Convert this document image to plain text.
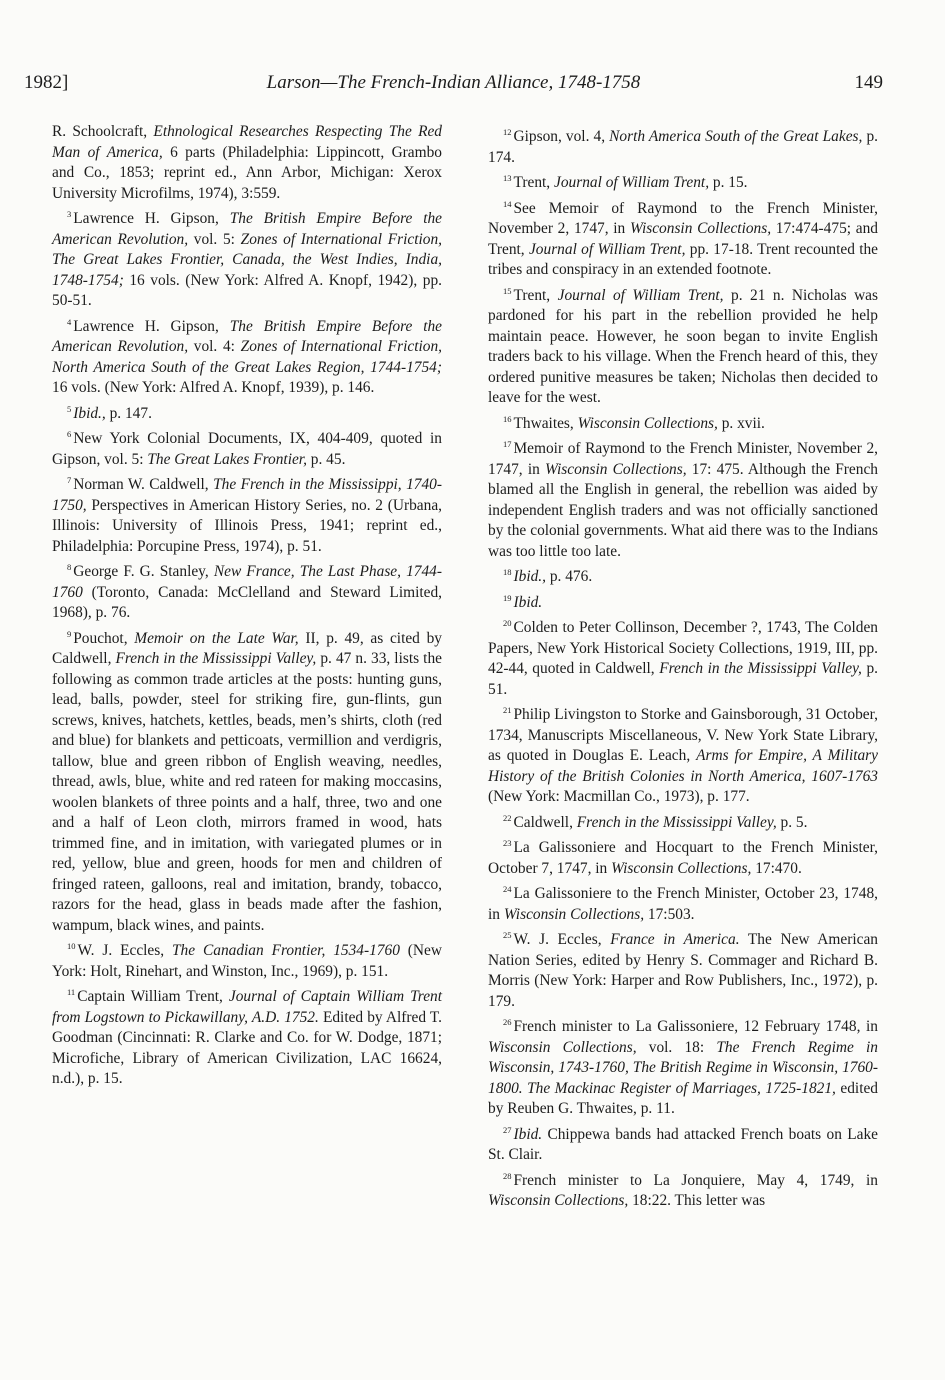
1982]	Larson—The French-Indian Alliance, 1748-1758	149

R. Schoolcraft, Ethnological Researches Respecting The Red Man of America, 6 parts (Philadelphia: Lippincott, Grambo and Co., 1853; reprint ed., Ann Arbor, Michigan: Xerox University Microfilms, 1974), 3:559.

$^3$ Lawrence H. Gipson, The British Empire Before the American Revolution, vol. 5: Zones of International Friction, The Great Lakes Frontier, Canada, the West Indies, India, 1748-1754; 16 vols. (New York: Alfred A. Knopf, 1942), pp. 50-51.

$^4$ Lawrence H. Gipson, The British Empire Before the American Revolution, vol. 4: Zones of International Friction, North America South of the Great Lakes Region, 1744-1754; 16 vols. (New York: Alfred A. Knopf, 1939), p. 146.

$^5$ Ibid., p. 147.

$^6$ New York Colonial Documents, IX, 404-409, quoted in Gipson, vol. 5: The Great Lakes Frontier, p. 45.

$^7$ Norman W. Caldwell, The French in the Mississippi, 1740-1750, Perspectives in American History Series, no. 2 (Urbana, Illinois: University of Illinois Press, 1941; reprint ed., Philadelphia: Porcupine Press, 1974), p. 51.

$^8$ George F. G. Stanley, New France, The Last Phase, 1744-1760 (Toronto, Canada: McClelland and Steward Limited, 1968), p. 76.

$^9$ Pouchot, Memoir on the Late War, II, p. 49, as cited by Caldwell, French in the Mississippi Valley, p. 47 n. 33, lists the following as common trade articles at the posts: hunting guns, lead, balls, powder, steel for striking fire, gun-flints, gun screws, knives, hatchets, kettles, beads, men’s shirts, cloth (red and blue) for blankets and petticoats, vermillion and verdigris, tallow, blue and green ribbon of English weaving, needles, thread, awls, blue, white and red rateen for making moccasins, woolen blankets of three points and a half, three, two and one and a half of Leon cloth, mirrors framed in wood, hats trimmed fine, and in imitation, with variegated plumes or in red, yellow, blue and green, hoods for men and children of fringed rateen, galloons, real and imitation, brandy, tobacco, razors for the head, glass in beads made after the fashion, wampum, black wines, and paints.

$^{10}$ W. J. Eccles, The Canadian Frontier, 1534-1760 (New York: Holt, Rinehart, and Winston, Inc., 1969), p. 151.

$^{11}$ Captain William Trent, Journal of Captain William Trent from Logstown to Pickawillany, A.D. 1752. Edited by Alfred T. Goodman (Cincinnati: R. Clarke and Co. for W. Dodge, 1871; Microfiche, Library of American Civilization, LAC 16624, n.d.), p. 15.

$^{12}$ Gipson, vol. 4, North America South of the Great Lakes, p. 174.

$^{13}$ Trent, Journal of William Trent, p. 15.

$^{14}$ See Memoir of Raymond to the French Minister, November 2, 1747, in Wisconsin Collections, 17:474-475; and Trent, Journal of William Trent, pp. 17-18. Trent recounted the tribes and conspiracy in an extended footnote.

$^{15}$ Trent, Journal of William Trent, p. 21 n. Nicholas was pardoned for his part in the rebellion provided he help maintain peace. However, he soon began to invite English traders back to his village. When the French heard of this, they ordered punitive measures be taken; Nicholas then decided to leave for the west.

$^{16}$ Thwaites, Wisconsin Collections, p. xvii.

$^{17}$ Memoir of Raymond to the French Minister, November 2, 1747, in Wisconsin Collections, 17: 475. Although the French blamed all the English in general, the rebellion was aided by independent English traders and was not officially sanctioned by the colonial governments. What aid there was to the Indians was too little too late.

$^{18}$ Ibid., p. 476.

$^{19}$ Ibid.

$^{20}$ Colden to Peter Collinson, December ?, 1743, The Colden Papers, New York Historical Society Collections, 1919, III, pp. 42-44, quoted in Caldwell, French in the Mississippi Valley, p. 51.

$^{21}$ Philip Livingston to Storke and Gainsborough, 31 October, 1734, Manuscripts Miscellaneous, V. New York State Library, as quoted in Douglas E. Leach, Arms for Empire, A Military History of the British Colonies in North America, 1607-1763 (New York: Macmillan Co., 1973), p. 177.

$^{22}$ Caldwell, French in the Mississippi Valley, p. 5.

$^{23}$ La Galissoniere and Hocquart to the French Minister, October 7, 1747, in Wisconsin Collections, 17:470.

$^{24}$ La Galissoniere to the French Minister, October 23, 1748, in Wisconsin Collections, 17:503.

$^{25}$ W. J. Eccles, France in America. The New American Nation Series, edited by Henry S. Commager and Richard B. Morris (New York: Harper and Row Publishers, Inc., 1972), p. 179.

$^{26}$ French minister to La Galissoniere, 12 February 1748, in Wisconsin Collections, vol. 18: The French Regime in Wisconsin, 1743-1760, The British Regime in Wisconsin, 1760-1800. The Mackinac Register of Marriages, 1725-1821, edited by Reuben G. Thwaites, p. 11.

$^{27}$ Ibid. Chippewa bands had attacked French boats on Lake St. Clair.

$^{28}$ French minister to La Jonquiere, May 4, 1749, in Wisconsin Collections, 18:22. This letter was
